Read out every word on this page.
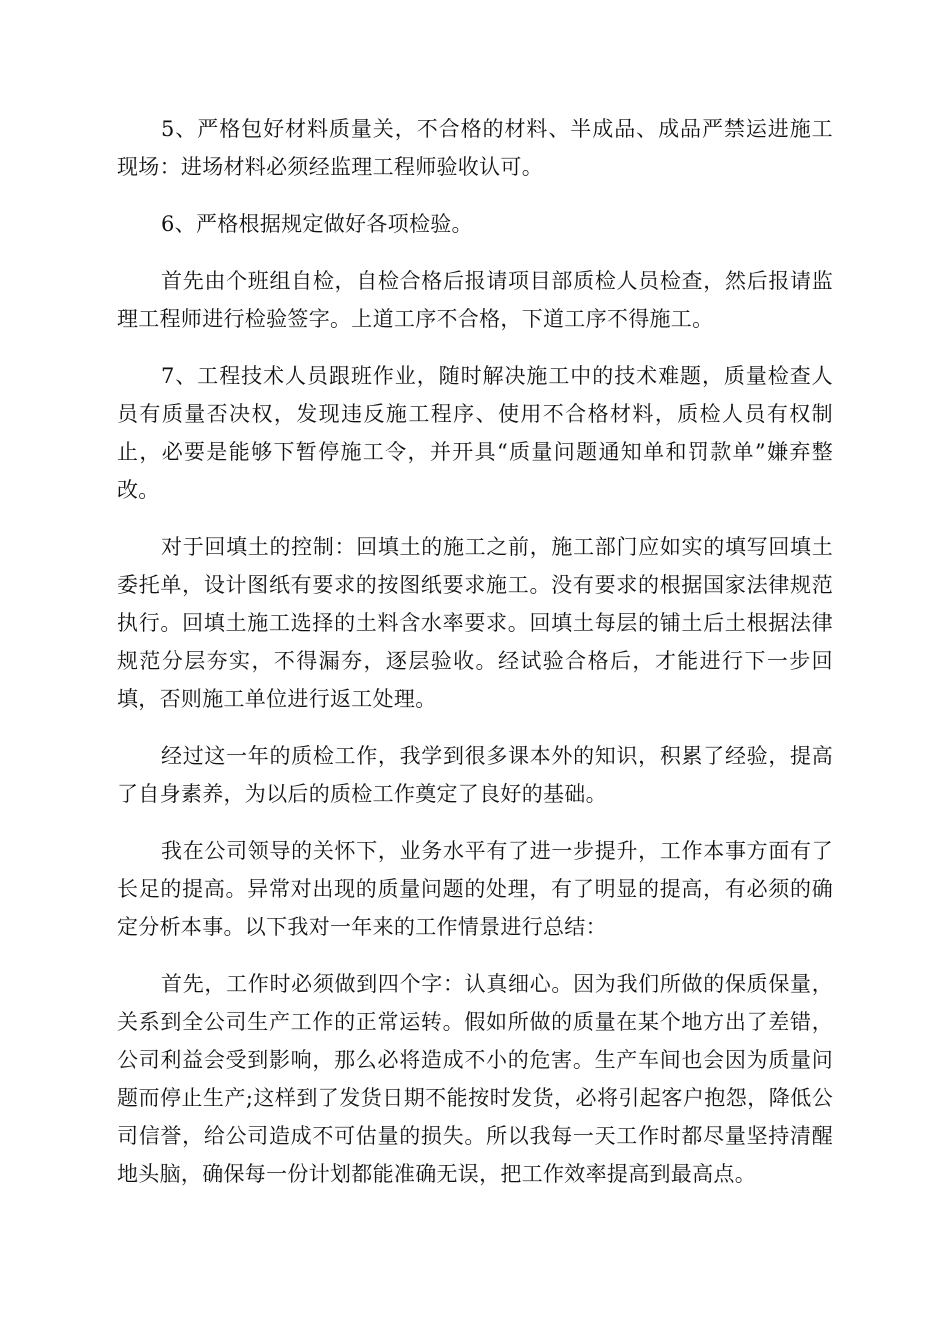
5、严格包好材料质量关，不合格的材料、半成品、成品严禁运进施工现场：进场材料必须经监理工程师验收认可。

6、严格根据规定做好各项检验。

首先由个班组自检，自检合格后报请项目部质检人员检查，然后报请监理工程师进行检验签字。上道工序不合格，下道工序不得施工。

7、工程技术人员跟班作业，随时解决施工中的技术难题，质量检查人员有质量否决权，发现违反施工程序、使用不合格材料，质检人员有权制止，必要是能够下暂停施工令，并开具“质量问题通知单和罚款单”嫌弃整改。

对于回填土的控制：回填土的施工之前，施工部门应如实的填写回填土委托单，设计图纸有要求的按图纸要求施工。没有要求的根据国家法律规范执行。回填土施工选择的土料含水率要求。回填土每层的铺土后土根据法律规范分层夯实，不得漏夯，逐层验收。经试验合格后，才能进行下一步回填，否则施工单位进行返工处理。

经过这一年的质检工作，我学到很多课本外的知识，积累了经验，提高了自身素养，为以后的质检工作奠定了良好的基础。

我在公司领导的关怀下，业务水平有了进一步提升，工作本事方面有了长足的提高。异常对出现的质量问题的处理，有了明显的提高，有必须的确定分析本事。以下我对一年来的工作情景进行总结：

首先，工作时必须做到四个字：认真细心。因为我们所做的保质保量，关系到全公司生产工作的正常运转。假如所做的质量在某个地方出了差错，公司利益会受到影响，那么必将造成不小的危害。生产车间也会因为质量问题而停止生产;这样到了发货日期不能按时发货，必将引起客户抱怨，降低公司信誉，给公司造成不可估量的损失。所以我每一天工作时都尽量坚持清醒地头脑，确保每一份计划都能准确无误，把工作效率提高到最高点。
